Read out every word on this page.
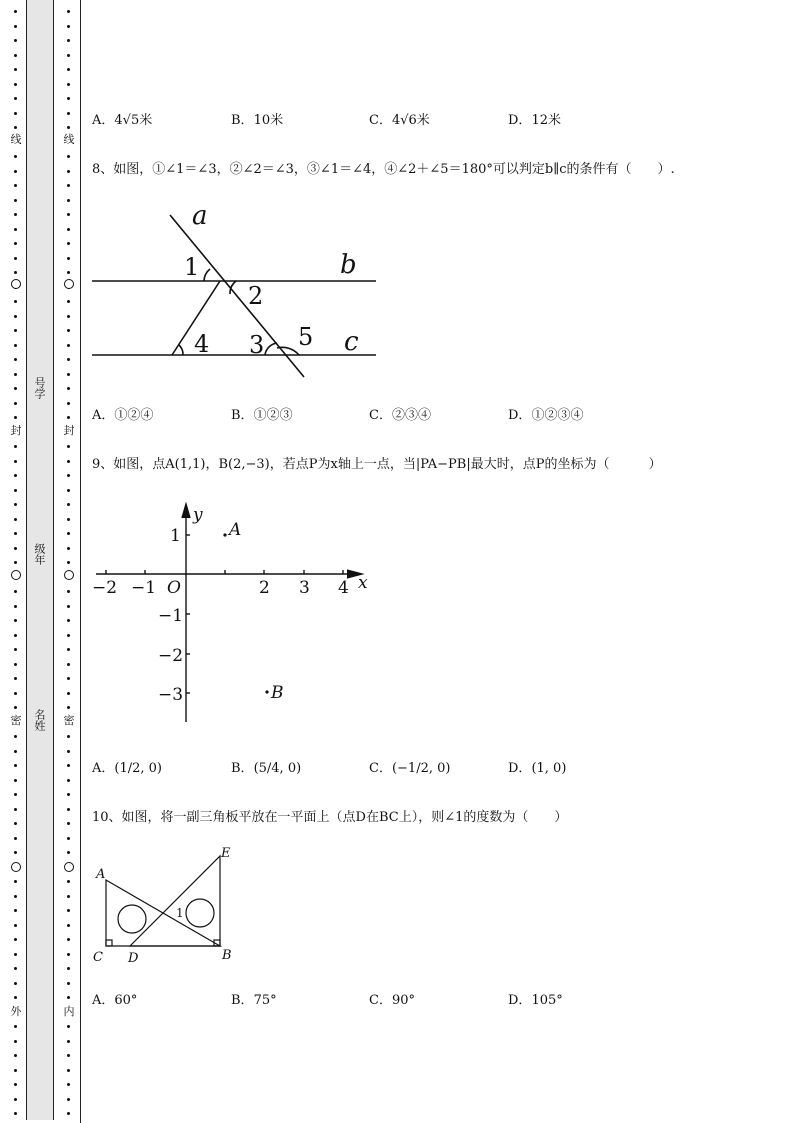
线
封
密
外
号学
级年
名姓
线
封
密
内
A．4√5米	B．10米	C．4√6米	D．12米
8、如图，①∠1＝∠3，②∠2＝∠3，③∠1＝∠4，④∠2＋∠5＝180°可以判定b∥c的条件有（　　）.
a
b
c
1
2
3
4	5
A．①②④	B．①②③	C．②③④	D．①②③④
9、如图，点A(1,1)，B(2,−3)，若点P为x轴上一点，当|PA−PB|最大时，点P的坐标为（　　　）
y
x
O
−2 −1	2 3 4
1
−1
−2
−3
A
B
A．(1/2, 0)	B．(5/4, 0)	C．(−1/2, 0)	D．(1, 0)
10、如图，将一副三角板平放在一平面上（点D在BC上），则∠1的度数为（　　）
A
B
C D
E
1
A．60°	B．75°	C．90°	D．105°
